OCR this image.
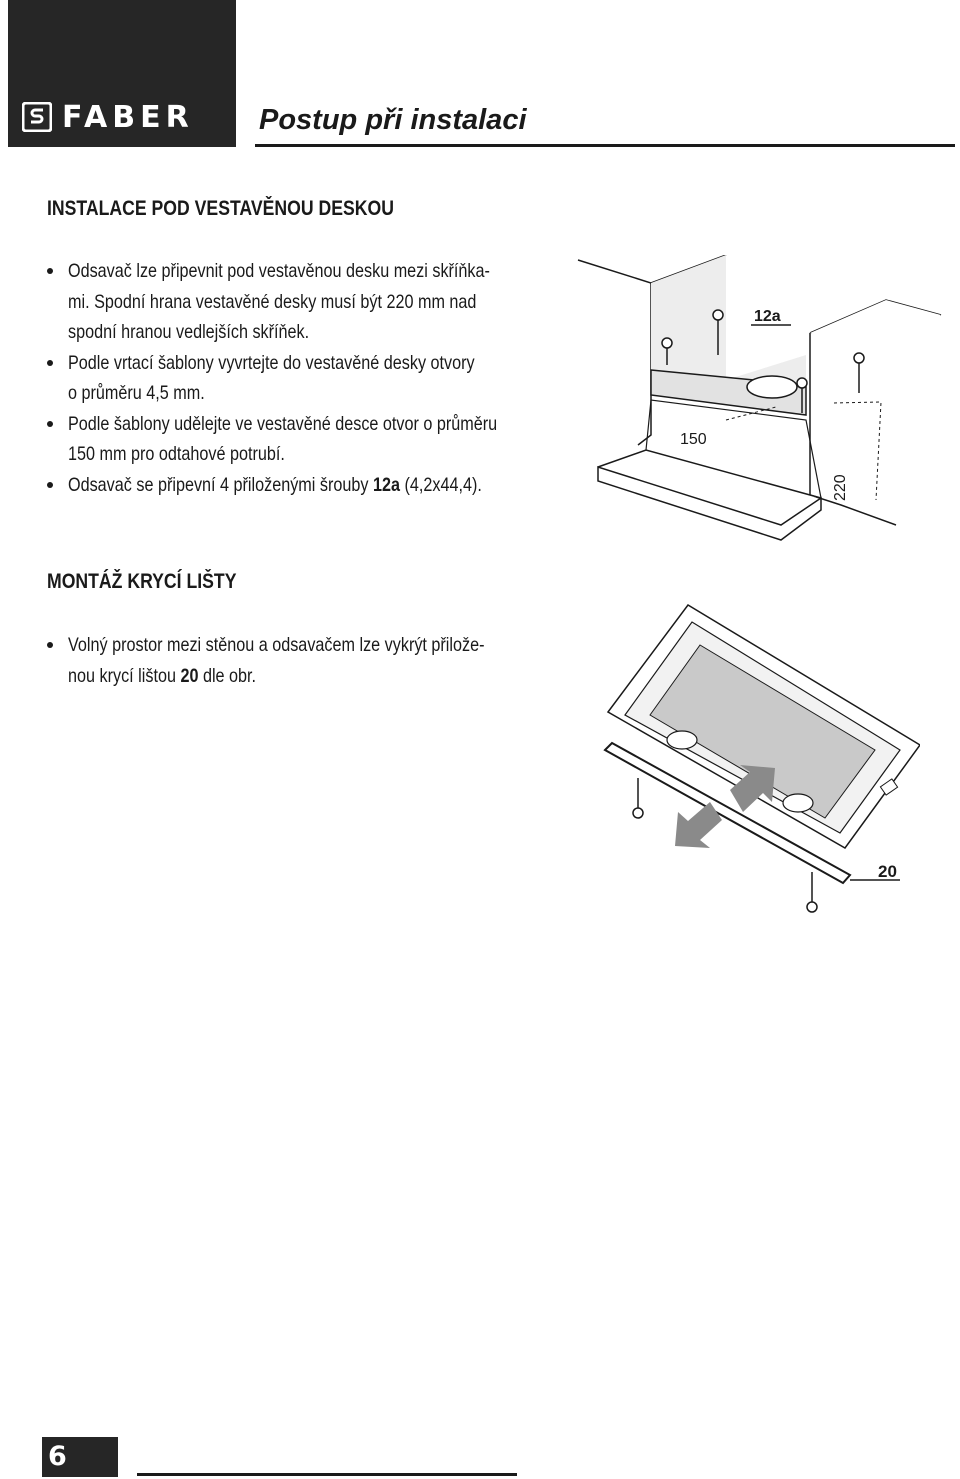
FABER Postup při instalaci
INSTALACE POD VESTAVĚNOU DESKOU
Odsavač lze připevnit pod vestavěnou desku mezi skříňka-
mi. Spodní hrana vestavěné desky musí být 220 mm nad
spodní hranou vedlejších skříňek.
Podle vrtací šablony vyvrtejte do vestavěné desky otvory
o průměru 4,5 mm.
Podle šablony udělejte ve vestavěné desce otvor o průměru
150 mm pro odtahové potrubí.
Odsavač se připevní 4 přiloženými šrouby 12a (4,2x44,4).
12a
150
220
MONTÁŽ KRYCÍ LIŠTY
Volný prostor mezi stěnou a odsavačem lze vykrýt přilože-
nou krycí lištou 20 dle obr.
20
6
